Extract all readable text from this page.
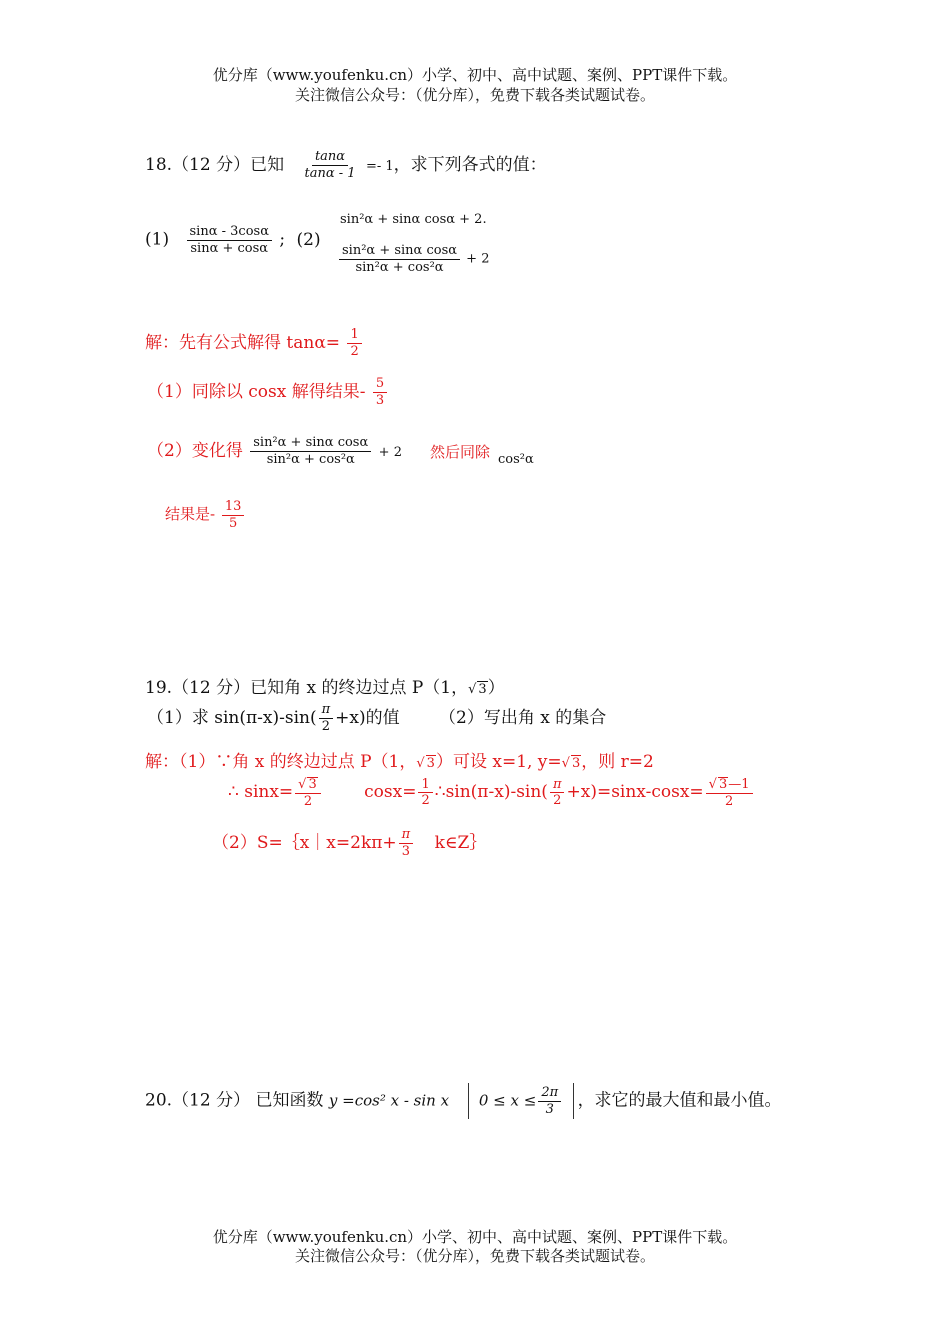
优分库（www.youfenku.cn）小学、初中、高中试题、案例、PPT课件下载。
关注微信公众号：（优分库），免费下载各类试题试卷。
18.（12 分）已知 $\frac{\tan\alpha}{\tan\alpha - 1} =- 1$，求下列各式的值：
$(1) \frac{\sin\alpha - 3\cos\alpha}{\sin\alpha + \cos\alpha}$ ; (2)
sin²α + sinα cosα + 2.
$\frac{\text{sin²α + sinα cosα}}{\text{sin²α + cos²α}} + 2$
解：先有公式解得 $\tan\alpha= \frac{1}{2}$
（1）同除以 cosx 解得结果- $\frac{5}{3}$
（2）变化得 $\frac{\text{sin²α + sinα cosα}}{\text{sin²α + cos²α}} + 2$ 然后同除 cos²α
结果是- $\frac{13}{5}$
19.（12 分）已知角 x 的终边过点 P（1，√ 3）
（1）求 $\sin(\pi-x)-\sin( \frac{\pi}{2} +x)$的值 （2）写出角 x 的集合
解：（1）∵角 x 的终边过点 P（1，√ 3）可设 x=1, y=√ 3，则 r=2
∴ $\sin x= \frac{√ 3}{2}$	$\cos x= \frac{1}{2}$ ∴sin(π-x)-sin( $\frac{\pi}{2} +x)=\sin x-\cos x= \frac{√ 3—1}{2}$
（2）S=｛x｜x=2kπ+ $\frac{\pi}{3}$ k∈Z｝
20.（12 分） 已知函数 y =cos² x - sin x $0 \le x \le \frac{2\pi}{3}$ ，求它的最大值和最小值。
优分库（www.youfenku.cn）小学、初中、高中试题、案例、PPT课件下载。
关注微信公众号：（优分库），免费下载各类试题试卷。
